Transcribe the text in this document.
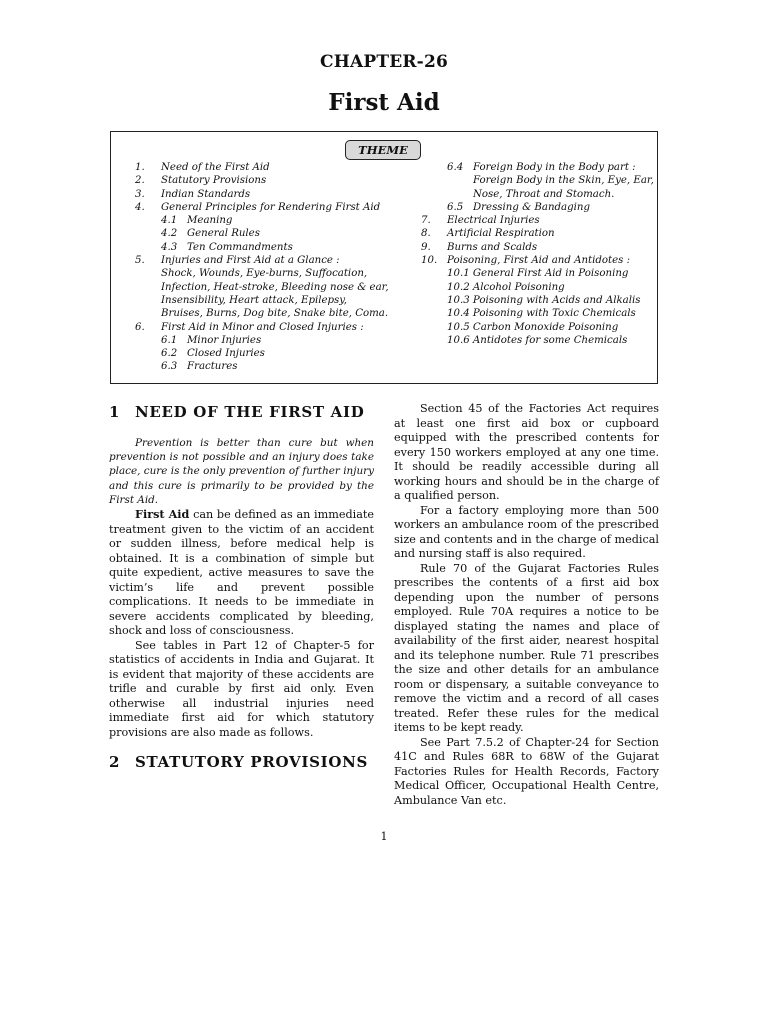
CHAPTER-26
First Aid
THEME
1.	Need of the First Aid
2.	Statutory Provisions
3.	Indian Standards
4.	General Principles for Rendering First Aid
4.1 Meaning
4.2 General Rules
4.3 Ten Commandments
5.	Injuries and First Aid at a Glance :
Shock, Wounds, Eye-burns, Suffocation,
Infection, Heat-stroke, Bleeding nose & ear,
Insensibility, Heart attack, Epilepsy,
Bruises, Burns, Dog bite, Snake bite, Coma.
6.	First Aid in Minor and Closed Injuries :
6.1 Minor Injuries
6.2 Closed Injuries
6.3 Fractures
6.4 Foreign Body in the Body part :
Foreign Body in the Skin, Eye, Ear,
Nose, Throat and Stomach.
6.5 Dressing & Bandaging
7.	Electrical Injuries
8.	Artificial Respiration
9.	Burns and Scalds
10. Poisoning, First Aid and Antidotes :
10.1 General First Aid in Poisoning
10.2 Alcohol Poisoning
10.3 Poisoning with Acids and Alkalis
10.4 Poisoning with Toxic Chemicals
10.5 Carbon Monoxide Poisoning
10.6 Antidotes for some Chemicals
1 NEED OF THE FIRST AID

Prevention is better than cure but when prevention is not possible and an injury does take place, cure is the only prevention of further injury and this cure is primarily to be provided by the First Aid.

First Aid can be defined as an immediate treatment given to the victim of an accident or sudden illness, before medical help is obtained. It is a combination of simple but quite expedient, active measures to save the victim’s life and prevent possible complications. It needs to be immediate in severe accidents complicated by bleeding, shock and loss of consciousness.

See tables in Part 12 of Chapter-5 for statistics of accidents in India and Gujarat. It is evident that majority of these accidents are trifle and curable by first aid only. Even otherwise all industrial injuries need immediate first aid for which statutory provisions are also made as follows.

2 STATUTORY PROVISIONS

Section 45 of the Factories Act requires at least one first aid box or cupboard equipped with the prescribed contents for every 150 workers employed at any one time. It should be readily accessible during all working hours and should be in the charge of a qualified person.

For a factory employing more than 500 workers an ambulance room of the prescribed size and contents and in the charge of medical and nursing staff is also required.

Rule 70 of the Gujarat Factories Rules prescribes the contents of a first aid box depending upon the number of persons employed. Rule 70A requires a notice to be displayed stating the names and place of availability of the first aider, nearest hospital and its telephone number. Rule 71 prescribes the size and other details for an ambulance room or dispensary, a suitable conveyance to remove the victim and a record of all cases treated. Refer these rules for the medical items to be kept ready.

See Part 7.5.2 of Chapter-24 for Section 41C and Rules 68R to 68W of the Gujarat Factories Rules for Health Records, Factory Medical Officer, Occupational Health Centre, Ambulance Van etc.

1
